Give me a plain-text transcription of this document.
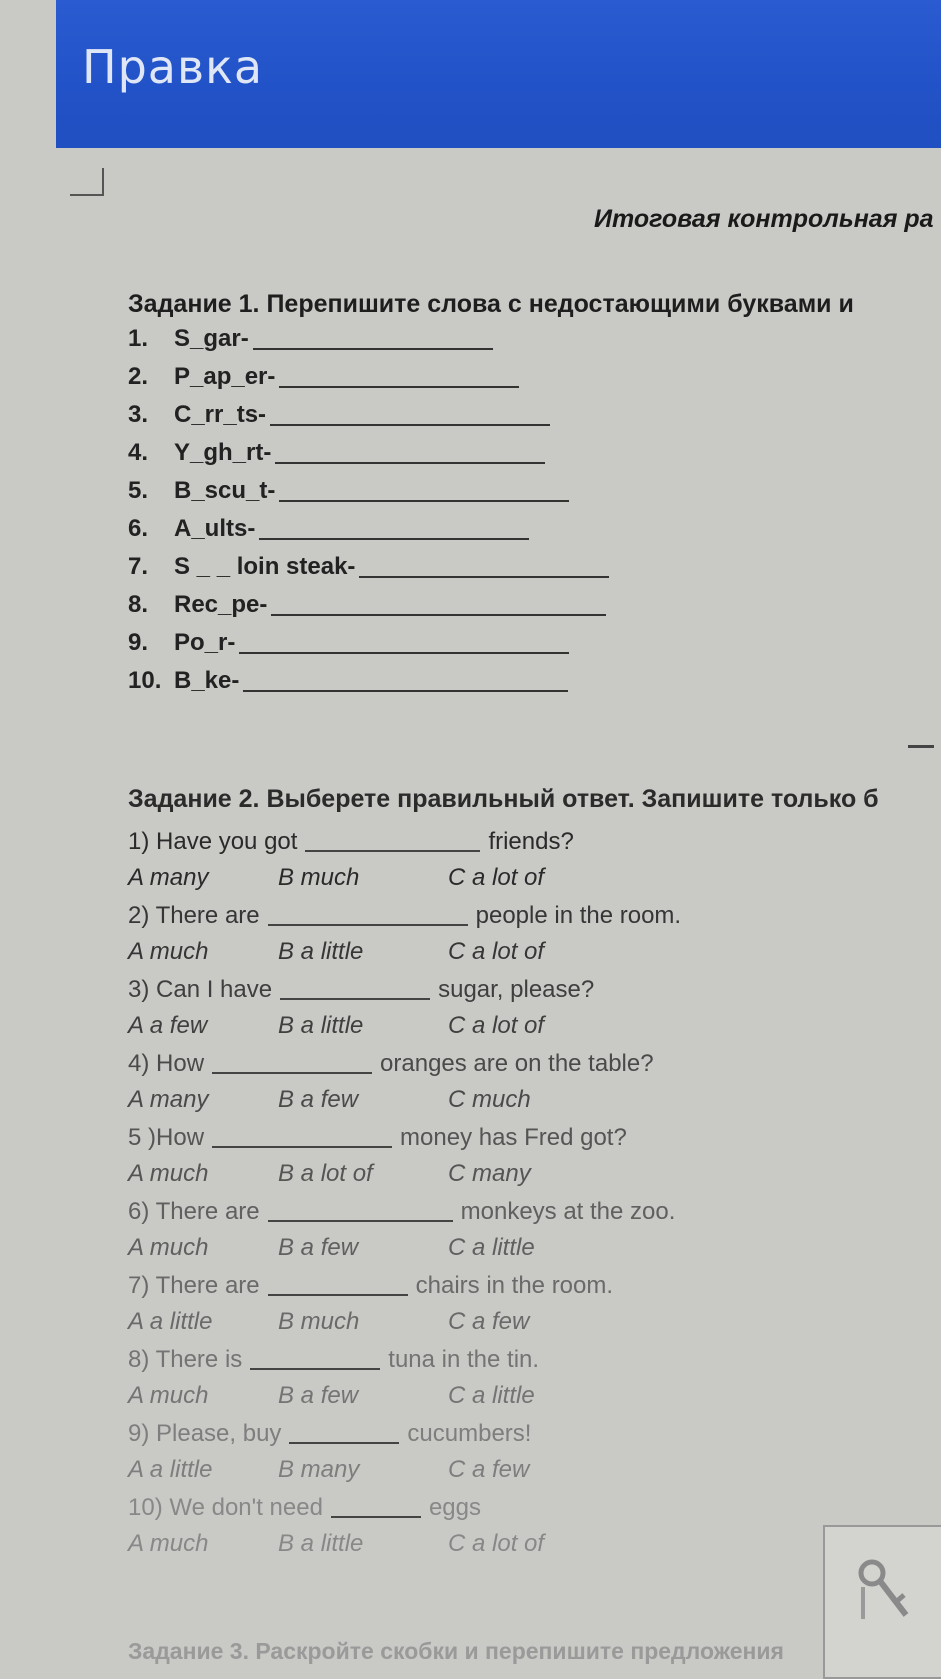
Правка
Итоговая контрольная ра
Задание 1. Перепишите слова с недостающими буквами и
1. S_gar-
2. P_ap_er-
3. C_rr_ts-
4. Y_gh_rt-
5. B_scu_t-
6. A_ults-
7. S _ _ loin steak-
8. Rec_pe-
9. Po_r-
10. B_ke-
Задание 2. Выберете правильный ответ. Запишите только б
1) Have you got	friends?
A many	B much	C a lot of
2) There are	people in the room.
A much	B a little	C a lot of
3) Can I have	sugar, please?
A a few	B a little	C a lot of
4) How	oranges are on the table?
A many	B a few	C much
5 )How	money has Fred got?
A much	B a lot of	C many
6) There are	monkeys at the zoo.
A much	B a few	C a little
7) There are	chairs in the room.
A a little	B much	C a few
8) There is	tuna in the tin.
A much	B a few	C a little
9) Please, buy	cucumbers!
A a little	B many	C a few
10) We don't need	eggs
A much	B a little	C a lot of
Задание 3. Раскройте скобки и перепишите предложения
